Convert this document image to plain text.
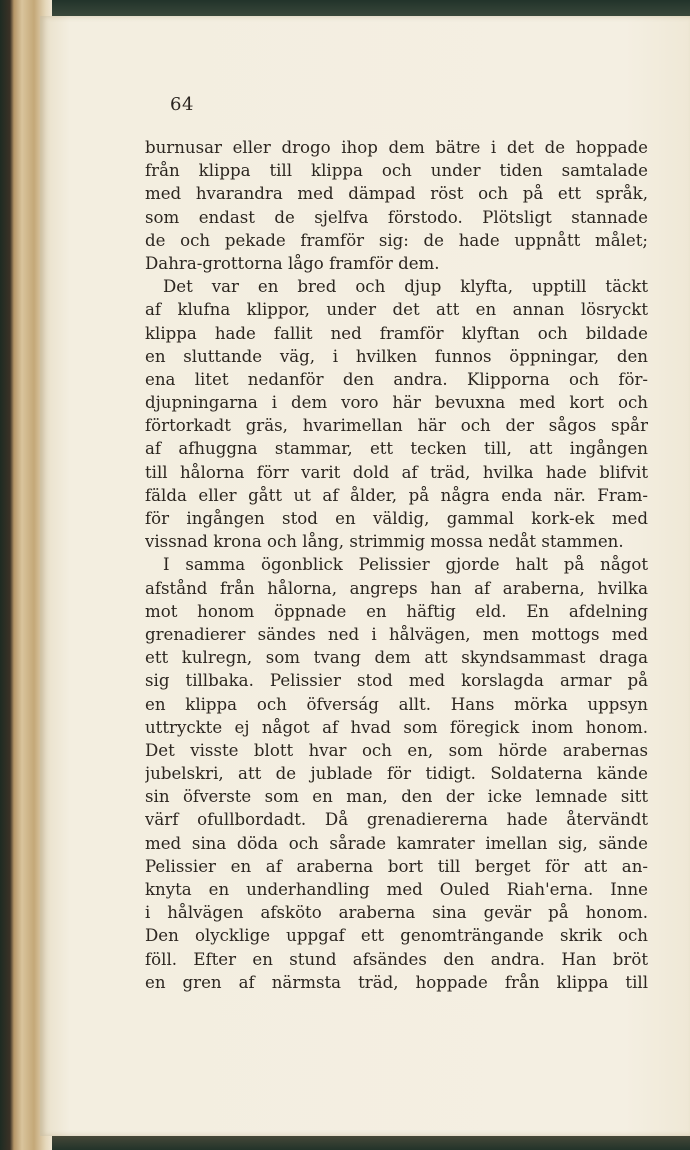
64
burnusar eller drogo ihop dem bätre i det de hoppade
från klippa till klippa och under tiden samtalade
med hvarandra med dämpad röst och på ett språk,
som endast de sjelfva förstodo. Plötsligt stannade
de och pekade framför sig: de hade uppnått målet;
Dahra-grottorna lågo framför dem.
Det var en bred och djup klyfta, upptill täckt
af klufna klippor, under det att en annan lösryckt
klippa hade fallit ned framför klyftan och bildade
en sluttande väg, i hvilken funnos öppningar, den
ena litet nedanför den andra. Klipporna och för-
djupningarna i dem voro här bevuxna med kort och
förtorkadt gräs, hvarimellan här och der sågos spår
af afhuggna stammar, ett tecken till, att ingången
till hålorna förr varit dold af träd, hvilka hade blifvit
fälda eller gått ut af ålder, på några enda när. Fram-
för ingången stod en väldig, gammal kork-ek med
vissnad krona och lång, strimmig mossa nedåt stammen.
I samma ögonblick Pelissier gjorde halt på något
afstånd från hålorna, angreps han af araberna, hvilka
mot honom öppnade en häftig eld. En afdelning
grenadierer sändes ned i hålvägen, men mottogs med
ett kulregn, som tvang dem att skyndsammast draga
sig tillbaka. Pelissier stod med korslagda armar på
en klippa och öfverság allt. Hans mörka uppsyn
uttryckte ej något af hvad som föregick inom honom.
Det visste blott hvar och en, som hörde arabernas
jubelskri, att de jublade för tidigt. Soldaterna kände
sin öfverste som en man, den der icke lemnade sitt
värf ofullbordadt. Då grenadiererna hade återvändt
med sina döda och sårade kamrater imellan sig, sände
Pelissier en af araberna bort till berget för att an-
knyta en underhandling med Ouled Riah'erna. Inne
i hålvägen afsköto araberna sina gevär på honom.
Den olycklige uppgaf ett genomträngande skrik och
föll. Efter en stund afsändes den andra. Han bröt
en gren af närmsta träd, hoppade från klippa till
